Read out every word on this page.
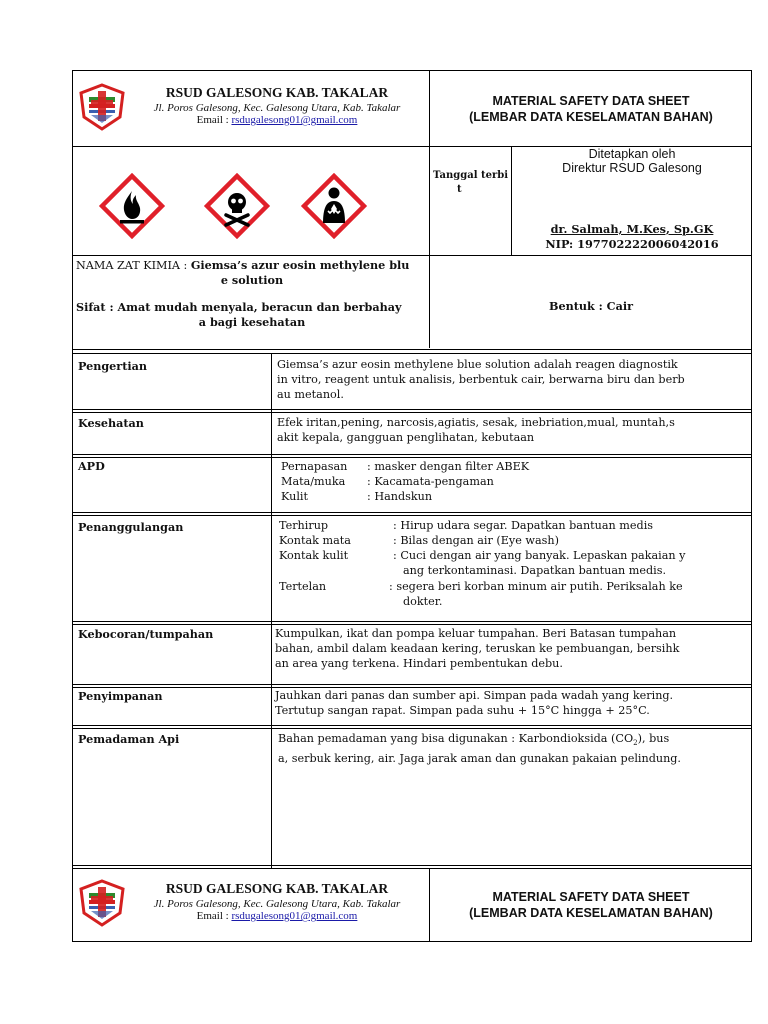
RSUD GALESONG KAB. TAKALAR
Jl. Poros Galesong, Kec. Galesong Utara, Kab. Takalar
Email : rsdugalesong01@gmail.com
MATERIAL SAFETY DATA SHEET
(LEMBAR DATA KESELAMATAN BAHAN)
Tanggal terbi
t
Ditetapkan oleh
Direktur RSUD Galesong
dr. Salmah, M.Kes, Sp.GK
NIP: 197702222006042016
NAMA ZAT KIMIA : Giemsa’s azur eosin methylene blu
e solution
Sifat : Amat mudah menyala, beracun dan berbahay
a bagi kesehatan
Bentuk : Cair
Pengertian	Giemsa’s azur eosin methylene blue solution adalah reagen diagnostik
in vitro, reagent untuk analisis, berbentuk cair, berwarna biru dan berb
au metanol.
Kesehatan	Efek iritan,pening, narcosis,agiatis, sesak, inebriation,mual, muntah,s
akit kepala, gangguan penglihatan, kebutaan
APD	Pernapasan	: masker dengan filter ABEK
Mata/muka	: Kacamata-pengaman
Kulit	: Handskun
Penanggulangan	Terhirup	: Hirup udara segar. Dapatkan bantuan medis
Kontak mata	: Bilas dengan air (Eye wash)
Kontak kulit	: Cuci dengan air yang banyak. Lepaskan pakaian y
ang terkontaminasi. Dapatkan bantuan medis.
Tertelan	: segera beri korban minum air putih. Periksalah ke
dokter.
Kebocoran/tumpahan	Kumpulkan, ikat dan pompa keluar tumpahan. Beri Batasan tumpahan
bahan, ambil dalam keadaan kering, teruskan ke pembuangan, bersihk
an area yang terkena. Hindari pembentukan debu.
Penyimpanan	Jauhkan dari panas dan sumber api. Simpan pada wadah yang kering.
Tertutup sangan rapat. Simpan pada suhu + 15°C hingga + 25°C.
Pemadaman Api	Bahan pemadaman yang bisa digunakan : Karbondioksida $(CO_2)$, bus
a, serbuk kering, air. Jaga jarak aman dan gunakan pakaian pelindung.
RSUD GALESONG KAB. TAKALAR
Jl. Poros Galesong, Kec. Galesong Utara, Kab. Takalar
Email : rsdugalesong01@gmail.com
MATERIAL SAFETY DATA SHEET
(LEMBAR DATA KESELAMATAN BAHAN)
